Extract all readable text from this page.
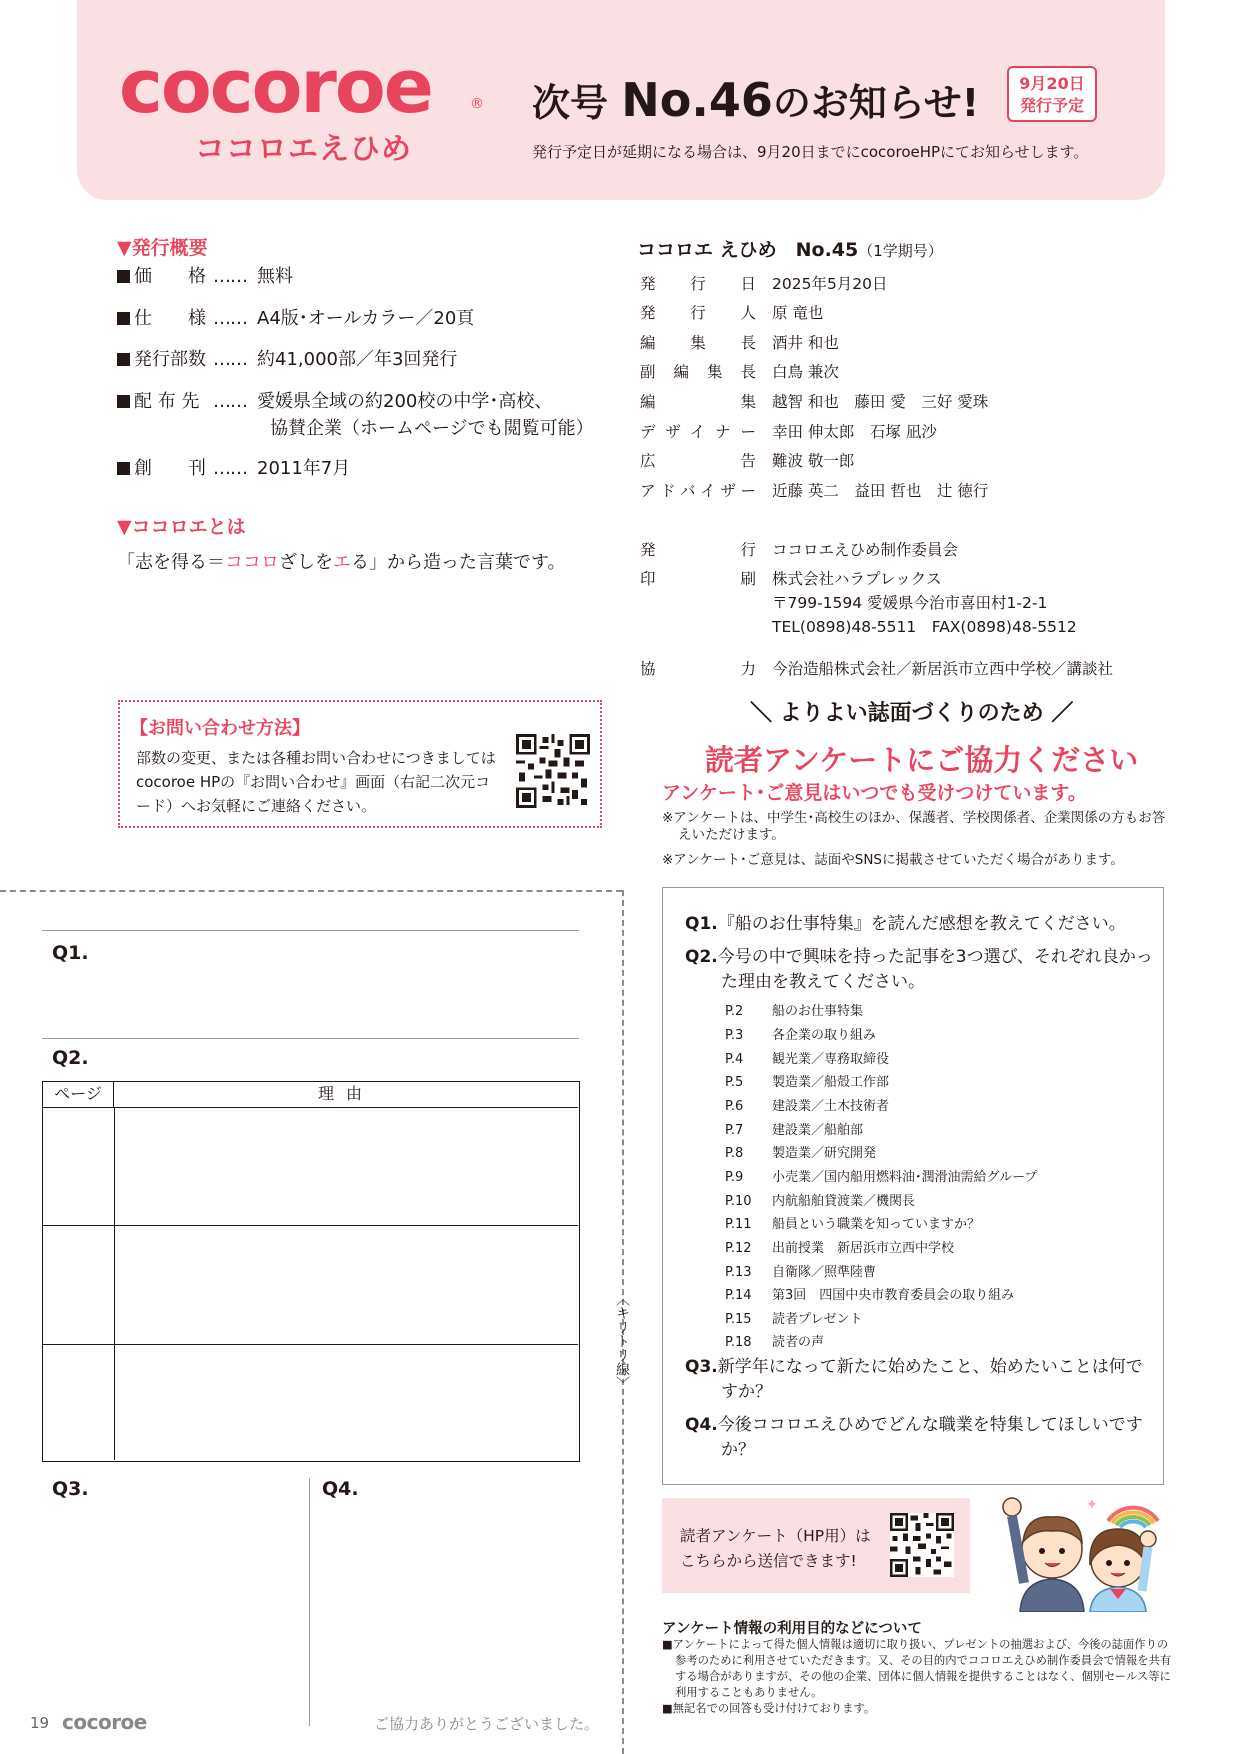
cocoroe	®
ココロエえひめ
次号 No.46のお知らせ!	9月20日
発行予定
発行予定日が延期になる場合は、9月20日までにcocoroeHPにてお知らせします。
▼発行概要
価　　格 …… 無料
仕　　様 …… A4版･オールカラー／20頁
発行部数 …… 約41,000部／年3回発行
配 布 先 …… 愛媛県全域の約200校の中学･高校、
協賛企業（ホームページでも閲覧可能）
創　　刊 …… 2011年7月
▼ココロエとは
「志を得る＝ココロざしをエる」から造った言葉です。
ココロエ えひめ　No.45（1学期号）
発行日 2025年5月20日
発行人 原 竜也
編集長 酒井 和也
副編集長 白鳥 兼次
編集 越智 和也　藤田 愛　三好 愛珠
デザイナー 幸田 伸太郎　石塚 凪沙
広告 難波 敬一郎
アドバイザー 近藤 英二　益田 哲也　辻 徳行
発行 ココロエえひめ制作委員会
印刷 株式会社ハラプレックス
〒799-1594 愛媛県今治市喜田村1-2-1
TEL(0898)48-5511　FAX(0898)48-5512
協力 今治造船株式会社／新居浜市立西中学校／講談社
【お問い合わせ方法】
部数の変更、または各種お問い合わせにつきましてはcocoroe HPの『お問い合わせ』画面（右記二次元コード）へお気軽にご連絡ください。
＼ よりよい誌面づくりのため ／
読者アンケートにご協力ください
アンケート･ご意見はいつでも受けつけています。
※アンケートは、中学生･高校生のほか、保護者、学校関係者、企業関係の方もお答えいただけます。
※アンケート･ご意見は、誌面やSNSに掲載させていただく場合があります。
Q1.『船のお仕事特集』を読んだ感想を教えてください。
Q2.今号の中で興味を持った記事を3つ選び、それぞれ良かった理由を教えてください。
P.2 船のお仕事特集
P.3 各企業の取り組み
P.4 観光業／専務取締役
P.5 製造業／船殻工作部
P.6 建設業／土木技術者
P.7 建設業／船舶部
P.8 製造業／研究開発
P.9 小売業／国内船用燃料油･潤滑油需給グループ
P.10 内航船舶貸渡業／機関長
P.11 船員という職業を知っていますか？
P.12 出前授業　新居浜市立西中学校
P.13 自衛隊／照準陸曹
P.14 第3回　四国中央市教育委員会の取り組み
P.15 読者プレゼント
P.18 読者の声
Q3.新学年になって新たに始めたこと、始めたいことは何ですか？
Q4.今後ココロエえひめでどんな職業を特集してほしいですか？
〈キリトリ線〉
Q1.
Q2.
ページ	理由
Q3.	Q4.
19 cocoroe	ご協力ありがとうございました。
読者アンケート（HP用）は
こちらから送信できます!
✦
アンケート情報の利用目的などについて
■アンケートによって得た個人情報は適切に取り扱い、プレゼントの抽選および、今後の誌面作りの参考のために利用させていただきます。又、その目的内でココロエえひめ制作委員会で情報を共有する場合がありますが、その他の企業、団体に個人情報を提供することはなく、個別セールス等に利用することもありません。
■無記名での回答も受け付けております。
